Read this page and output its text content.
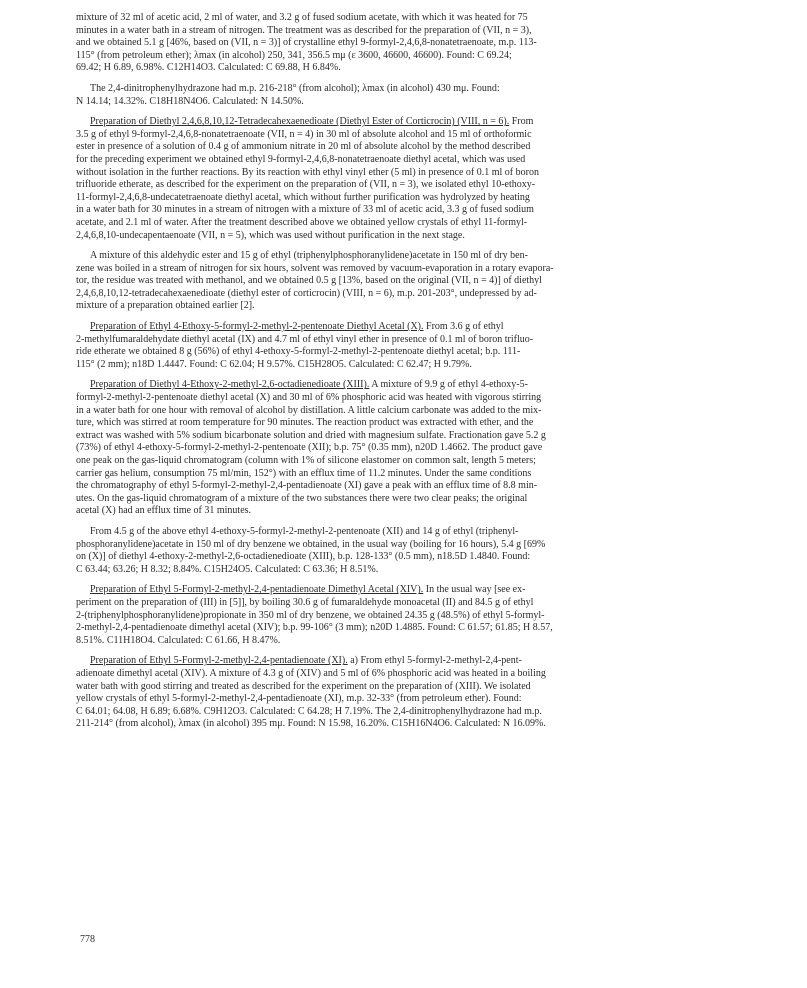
mixture of 32 ml of acetic acid, 2 ml of water, and 3.2 g of fused sodium acetate, with which it was heated for 75
minutes in a water bath in a stream of nitrogen. The treatment was as described for the preparation of (VII, n = 3),
and we obtained 5.1 g [46%, based on (VII, n = 3)] of crystalline ethyl 9-formyl-2,4,6,8-nonatetraenoate, m.p. 113-
115° (from petroleum ether); λmax (in alcohol) 250, 341, 356.5 mμ (ε 3600, 46600, 46600). Found: C 69.24;
69.42; H 6.89, 6.98%. C12H14O3. Calculated: C 69.88, H 6.84%.
The 2,4-dinitrophenylhydrazone had m.p. 216-218° (from alcohol); λmax (in alcohol) 430 mμ. Found:
N 14.14; 14.32%. C18H18N4O6. Calculated: N 14.50%.
Preparation of Diethyl 2,4,6,8,10,12-Tetradecahexaenedioate (Diethyl Ester of Corticrocin) (VIII, n = 6). From
3.5 g of ethyl 9-formyl-2,4,6,8-nonatetraenoate (VII, n = 4) in 30 ml of absolute alcohol and 15 ml of orthoformic
ester in presence of a solution of 0.4 g of ammonium nitrate in 20 ml of absolute alcohol by the method described
for the preceding experiment we obtained ethyl 9-formyl-2,4,6,8-nonatetraenoate diethyl acetal, which was used
without isolation in the further reactions. By its reaction with ethyl vinyl ether (5 ml) in presence of 0.1 ml of boron
trifluoride etherate, as described for the experiment on the preparation of (VII, n = 3), we isolated ethyl 10-ethoxy-
11-formyl-2,4,6,8-undecatetraenoate diethyl acetal, which without further purification was hydrolyzed by heating
in a water bath for 30 minutes in a stream of nitrogen with a mixture of 33 ml of acetic acid, 3.3 g of fused sodium
acetate, and 2.1 ml of water. After the treatment described above we obtained yellow crystals of ethyl 11-formyl-
2,4,6,8,10-undecapentaenoate (VII, n = 5), which was used without purification in the next stage.
A mixture of this aldehydic ester and 15 g of ethyl (triphenylphosphoranylidene)acetate in 150 ml of dry ben-
zene was boiled in a stream of nitrogen for six hours, solvent was removed by vacuum-evaporation in a rotary evapora-
tor, the residue was treated with methanol, and we obtained 0.5 g [13%, based on the original (VII, n = 4)] of diethyl
2,4,6,8,10,12-tetradecahexaenedioate (diethyl ester of corticrocin) (VIII, n = 6), m.p. 201-203°, undepressed by ad-
mixture of a preparation obtained earlier [2].
Preparation of Ethyl 4-Ethoxy-5-formyl-2-methyl-2-pentenoate Diethyl Acetal (X). From 3.6 g of ethyl
2-methylfumaraldehydate diethyl acetal (IX) and 4.7 ml of ethyl vinyl ether in presence of 0.1 ml of boron trifluo-
ride etherate we obtained 8 g (56%) of ethyl 4-ethoxy-5-formyl-2-methyl-2-pentenoate diethyl acetal; b.p. 111-
115° (2 mm); n18D 1.4447. Found: C 62.04; H 9.57%. C15H28O5. Calculated: C 62.47; H 9.79%.
Preparation of Diethyl 4-Ethoxy-2-methyl-2,6-octadienedioate (XIII). A mixture of 9.9 g of ethyl 4-ethoxy-5-
formyl-2-methyl-2-pentenoate diethyl acetal (X) and 30 ml of 6% phosphoric acid was heated with vigorous stirring
in a water bath for one hour with removal of alcohol by distillation. A little calcium carbonate was added to the mix-
ture, which was stirred at room temperature for 90 minutes. The reaction product was extracted with ether, and the
extract was washed with 5% sodium bicarbonate solution and dried with magnesium sulfate. Fractionation gave 5.2 g
(73%) of ethyl 4-ethoxy-5-formyl-2-methyl-2-pentenoate (XII); b.p. 75° (0.35 mm), n20D 1.4662. The product gave
one peak on the gas-liquid chromatogram (column with 1% of silicone elastomer on common salt, length 5 meters;
carrier gas helium, consumption 75 ml/min, 152°) with an efflux time of 11.2 minutes. Under the same conditions
the chromatography of ethyl 5-formyl-2-methyl-2,4-pentadienoate (XI) gave a peak with an efflux time of 8.8 min-
utes. On the gas-liquid chromatogram of a mixture of the two substances there were two clear peaks; the original
acetal (X) had an efflux time of 31 minutes.
From 4.5 g of the above ethyl 4-ethoxy-5-formyl-2-methyl-2-pentenoate (XII) and 14 g of ethyl (triphenyl-
phosphoranylidene)acetate in 150 ml of dry benzene we obtained, in the usual way (boiling for 16 hours), 5.4 g [69%
on (X)] of diethyl 4-ethoxy-2-methyl-2,6-octadienedioate (XIII), b.p. 128-133° (0.5 mm), n18.5D 1.4840. Found:
C 63.44; 63.26; H 8.32; 8.84%. C15H24O5. Calculated: C 63.36; H 8.51%.
Preparation of Ethyl 5-Formyl-2-methyl-2,4-pentadienoate Dimethyl Acetal (XIV). In the usual way [see ex-
periment on the preparation of (III) in [5]], by boiling 30.6 g of fumaraldehyde monoacetal (II) and 84.5 g of ethyl
2-(triphenylphosphoranylidene)propionate in 350 ml of dry benzene, we obtained 24.35 g (48.5%) of ethyl 5-formyl-
2-methyl-2,4-pentadienoate dimethyl acetal (XIV); b.p. 99-106° (3 mm); n20D 1.4885. Found: C 61.57; 61.85; H 8.57,
8.51%. C11H18O4. Calculated: C 61.66, H 8.47%.
Preparation of Ethyl 5-Formyl-2-methyl-2,4-pentadienoate (XI). a) From ethyl 5-formyl-2-methyl-2,4-pent-
adienoate dimethyl acetal (XIV). A mixture of 4.3 g of (XIV) and 5 ml of 6% phosphoric acid was heated in a boiling
water bath with good stirring and treated as described for the experiment on the preparation of (XIII). We isolated
yellow crystals of ethyl 5-formyl-2-methyl-2,4-pentadienoate (XI), m.p. 32-33° (from petroleum ether). Found:
C 64.01; 64.08, H 6.89; 6.68%. C9H12O3. Calculated: C 64.28; H 7.19%. The 2,4-dinitrophenylhydrazone had m.p.
211-214° (from alcohol), λmax (in alcohol) 395 mμ. Found: N 15.98, 16.20%. C15H16N4O6. Calculated: N 16.09%.
778
